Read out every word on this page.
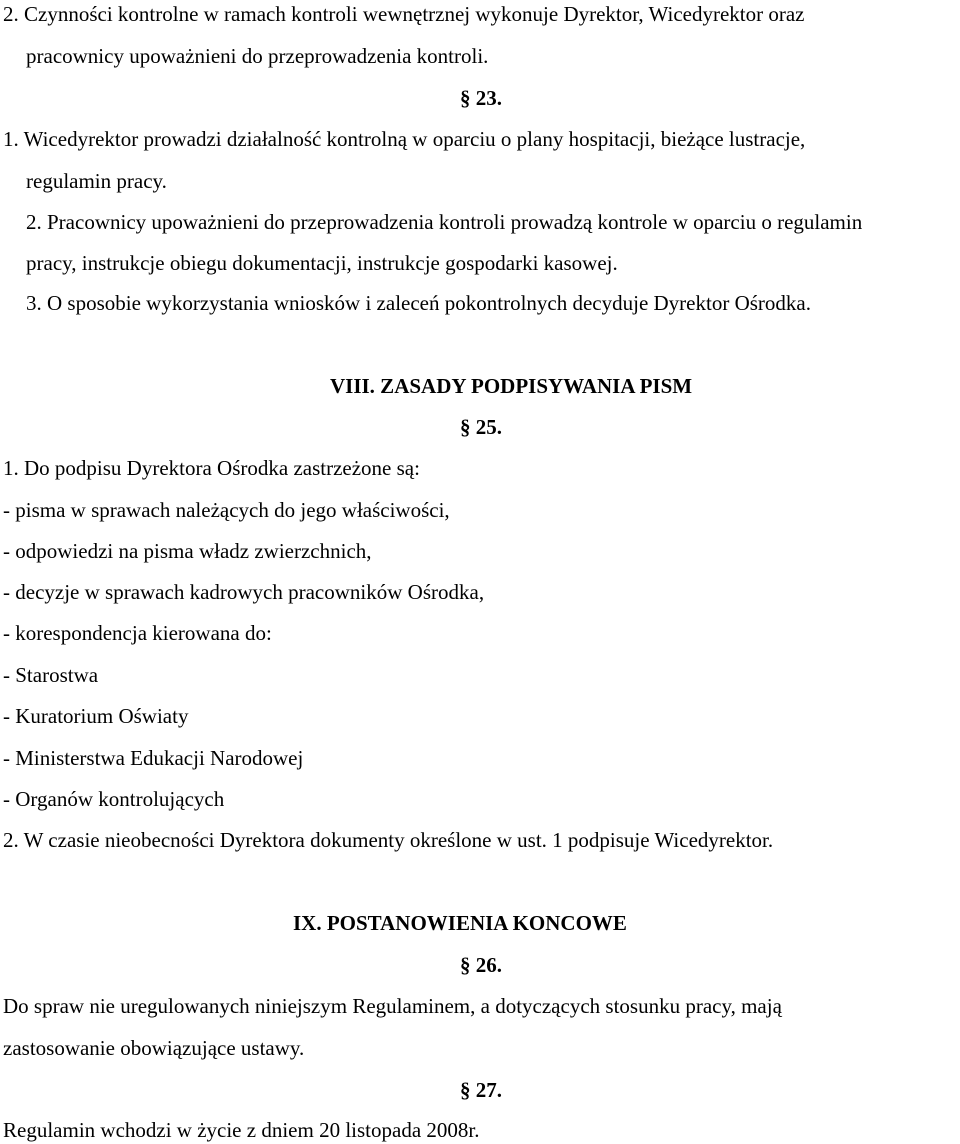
2. Czynności kontrolne w ramach kontroli wewnętrznej wykonuje Dyrektor, Wicedyrektor oraz
pracownicy upoważnieni do przeprowadzenia kontroli.
§ 23.
1. Wicedyrektor prowadzi działalność kontrolną w oparciu o plany hospitacji, bieżące lustracje,
regulamin pracy.
2. Pracownicy upoważnieni do przeprowadzenia kontroli prowadzą kontrole w oparciu o regulamin
pracy, instrukcje obiegu dokumentacji, instrukcje gospodarki kasowej.
3. O sposobie wykorzystania wniosków i zaleceń pokontrolnych decyduje Dyrektor Ośrodka.
VIII. ZASADY PODPISYWANIA PISM
§ 25.
1. Do podpisu Dyrektora Ośrodka zastrzeżone są:
- pisma w sprawach należących do jego właściwości,
- odpowiedzi na pisma władz zwierzchnich,
- decyzje w sprawach kadrowych pracowników Ośrodka,
- korespondencja kierowana do:
- Starostwa
- Kuratorium Oświaty
- Ministerstwa Edukacji Narodowej
- Organów kontrolujących
2. W czasie nieobecności Dyrektora dokumenty określone w ust. 1 podpisuje Wicedyrektor.
IX. POSTANOWIENIA KONCOWE
§ 26.
Do spraw nie uregulowanych niniejszym Regulaminem, a dotyczących stosunku pracy, mają
zastosowanie obowiązujące ustawy.
§ 27.
Regulamin wchodzi w życie z dniem 20 listopada 2008r.
